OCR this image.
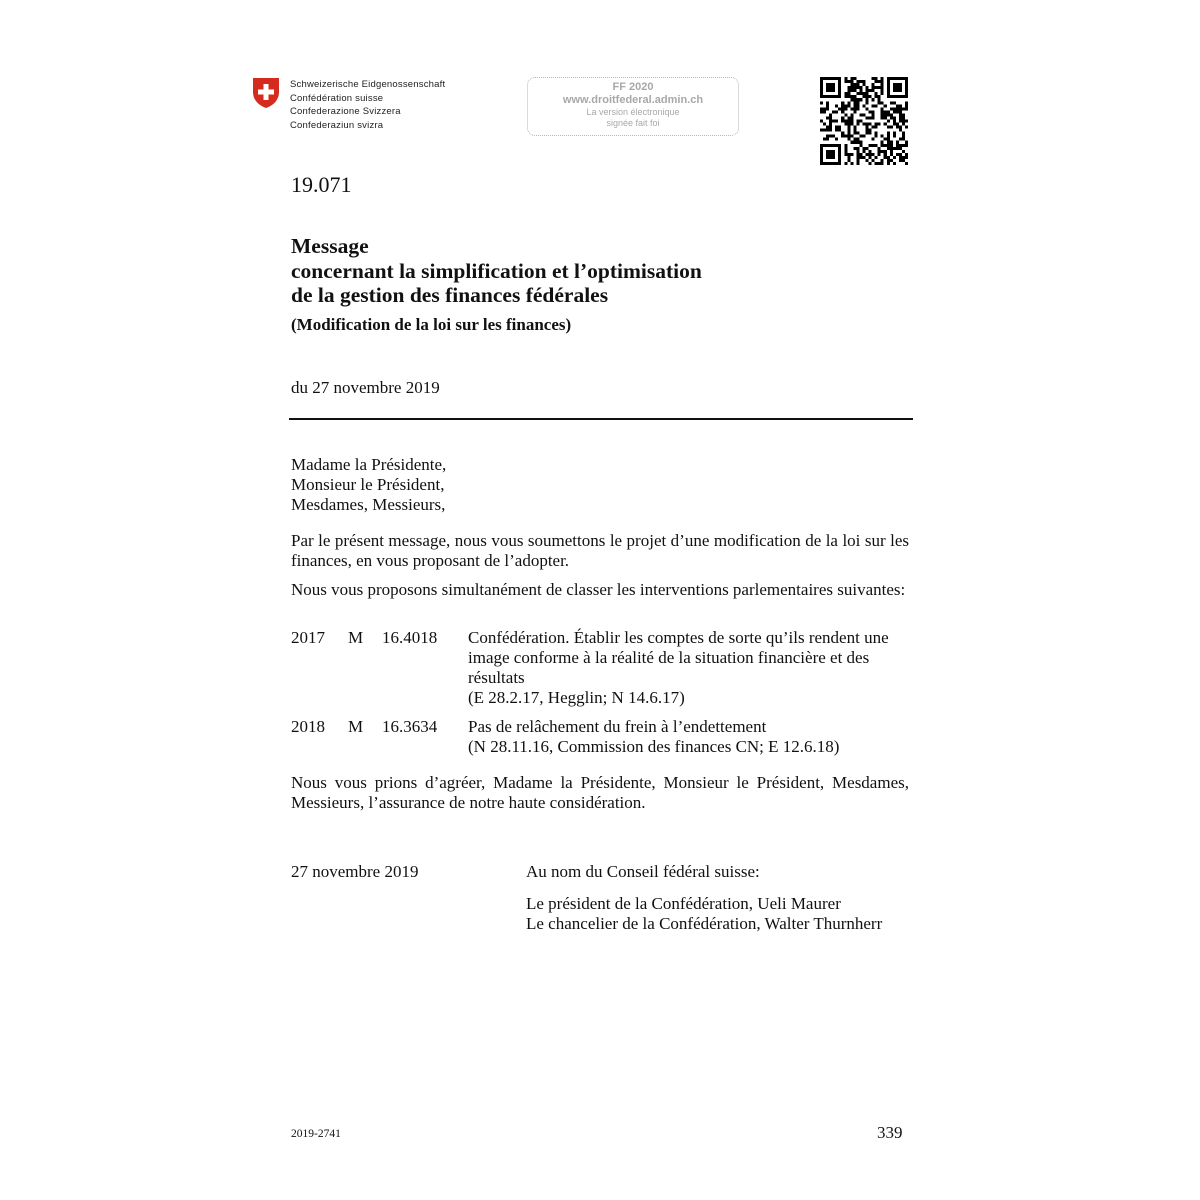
Schweizerische Eidgenossenschaft
Confédération suisse
Confederazione Svizzera
Confederaziun svizra
FF 2020
www.droitfederal.admin.ch
La version électronique
signée fait foi
19.071
Message
concernant la simplification et l’optimisation
de la gestion des finances fédérales
(Modification de la loi sur les finances)
du 27 novembre 2019
Madame la Présidente,
Monsieur le Président,
Mesdames, Messieurs,
Par le présent message, nous vous soumettons le projet d’une modification de la loi sur les finances, en vous proposant de l’adopter.
Nous vous proposons simultanément de classer les interventions parlementaires suivantes:
2017 M 16.4018 Confédération. Établir les comptes de sorte qu’ils rendent une image conforme à la réalité de la situation financière et des résultats
(E 28.2.17, Hegglin; N 14.6.17)
2018 M 16.3634 Pas de relâchement du frein à l’endettement
(N 28.11.16, Commission des finances CN; E 12.6.18)
Nous vous prions d’agréer, Madame la Présidente, Monsieur le Président, Mesdames, Messieurs, l’assurance de notre haute considération.
27 novembre 2019	Au nom du Conseil fédéral suisse:
Le président de la Confédération, Ueli Maurer
Le chancelier de la Confédération, Walter Thurnherr
2019-2741	339
